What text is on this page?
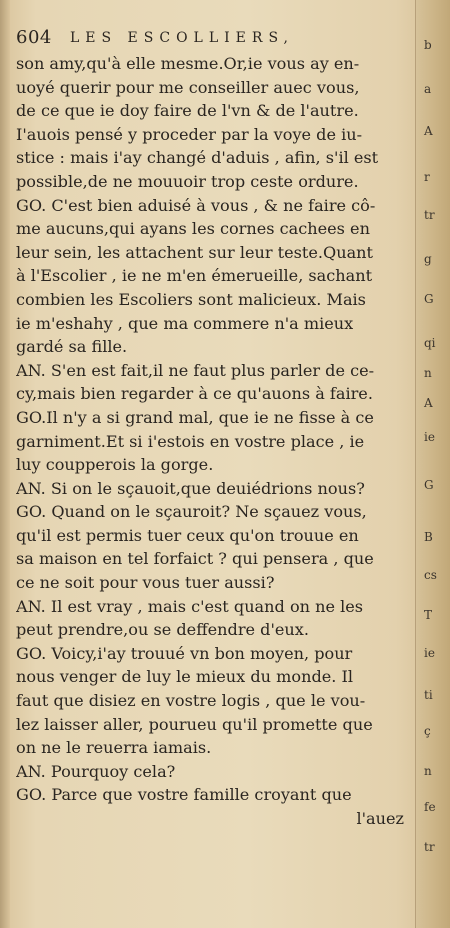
604 LES ESCOLLIERS,
son amy,qu'à elle mesme.Or,ie vous ay en-
uoyé querir pour me conseiller auec vous,
de ce que ie doy faire de l'vn & de l'autre.
I'auois pensé y proceder par la voye de iu-
stice : mais i'ay changé d'aduis , afin, s'il est
possible,de ne mouuoir trop ceste ordure.
GO. C'est bien aduisé à vous , & ne faire cô-
me aucuns,qui ayans les cornes cachees en
leur sein, les attachent sur leur teste.Quant
à l'Escolier , ie ne m'en émerueille, sachant
combien les Escoliers sont malicieux. Mais
ie m'eshahy , que ma commere n'a mieux
gardé sa fille.
AN. S'en est fait,il ne faut plus parler de ce-
cy,mais bien regarder à ce qu'auons à faire.
GO.Il n'y a si grand mal, que ie ne fisse à ce
garniment.Et si i'estois en vostre place , ie
luy coupperois la gorge.
AN. Si on le sçauoit,que deuiédrions nous?
GO. Quand on le sçauroit? Ne sçauez vous,
qu'il est permis tuer ceux qu'on trouue en
sa maison en tel forfaict ? qui pensera , que
ce ne soit pour vous tuer aussi?
AN. Il est vray , mais c'est quand on ne les
peut prendre,ou se deffendre d'eux.
GO. Voicy,i'ay trouué vn bon moyen, pour
nous venger de luy le mieux du monde. Il
faut que disiez en vostre logis , que le vou-
lez laisser aller, pourueu qu'il promette que
on ne le reuerra iamais.
AN. Pourquoy cela?
GO. Parce que vostre famille croyant que
l'auez
b
a
A
r
tr
g
G
qi
n
A
ie
G
B
cs
T
ie
ti
ç
n
fe
tr
